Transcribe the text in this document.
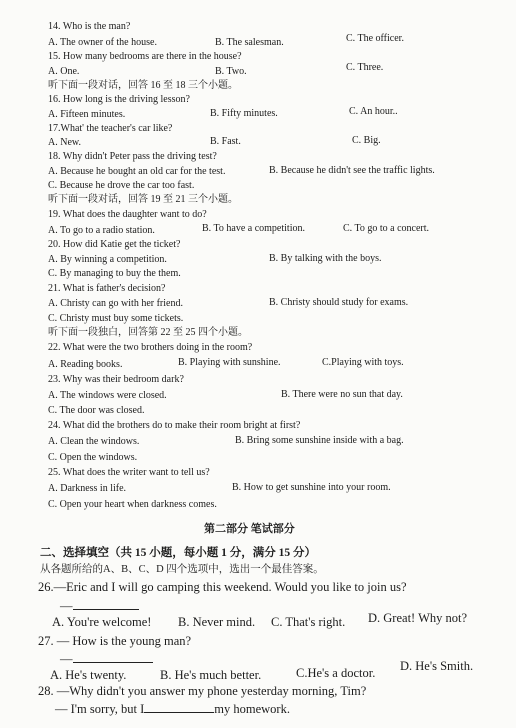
14. Who is the man?
A. The owner of the house.	B. The salesman.	C. The officer.
15. How many bedrooms are there in the house?
A. One.	B. Two.	C. Three.
听下面一段对话，回答 16 至 18 三个小题。
16. How long is the driving lesson?
A. Fifteen minutes.	B. Fifty minutes.	C. An hour..
17.What' the teacher's car like?
A. New.	B. Fast.	C. Big.
18. Why didn't Peter pass the driving test?
A. Because he bought an old car for the test.	B. Because he didn't see the traffic lights.
C. Because he drove the car too fast.
听下面一段对话，回答 19 至 21 三个小题。
19. What does the daughter want to do?
A. To go to a radio station.	B. To have a competition.	C. To go to a concert.
20. How did Katie get the ticket?
A. By winning a competition.	B. By talking with the boys.
C. By managing to buy the them.
21. What is father's decision?
A. Christy can go with her friend.	B. Christy should study for exams.
C. Christy must buy some tickets.
听下面一段独白，回答第 22 至 25 四个小题。
22. What were the two brothers doing in the room?
A. Reading books.	B. Playing with sunshine.	C.Playing with toys.
23. Why was their bedroom dark?
A. The windows were closed.	B. There were no sun that day.
C. The door was closed.
24. What did the brothers do to make their room bright at first?
A. Clean the windows.	B. Bring some sunshine inside with a bag.
C. Open the windows.
25. What does the writer want to tell us?
A. Darkness in life.	B. How to get sunshine into your room.
C. Open your heart when darkness comes.
第二部分 笔试部分
二、选择填空（共 15 小题，每小题 1 分，满分 15 分）
从各题所给的A、B、C、D 四个选项中，选出一个最佳答案。
26.—Eric and I will go camping this weekend. Would you like to join us?
—
A. You're welcome! B. Never mind. C. That's right. D. Great! Why not?
27. — How is the young man?
—
A. He's twenty.	B. He's much better.	C.He's a doctor. D. He's Smith.
28. —Why didn't you answer my phone yesterday morning, Tim?
— I'm sorry, but I	my homework.
